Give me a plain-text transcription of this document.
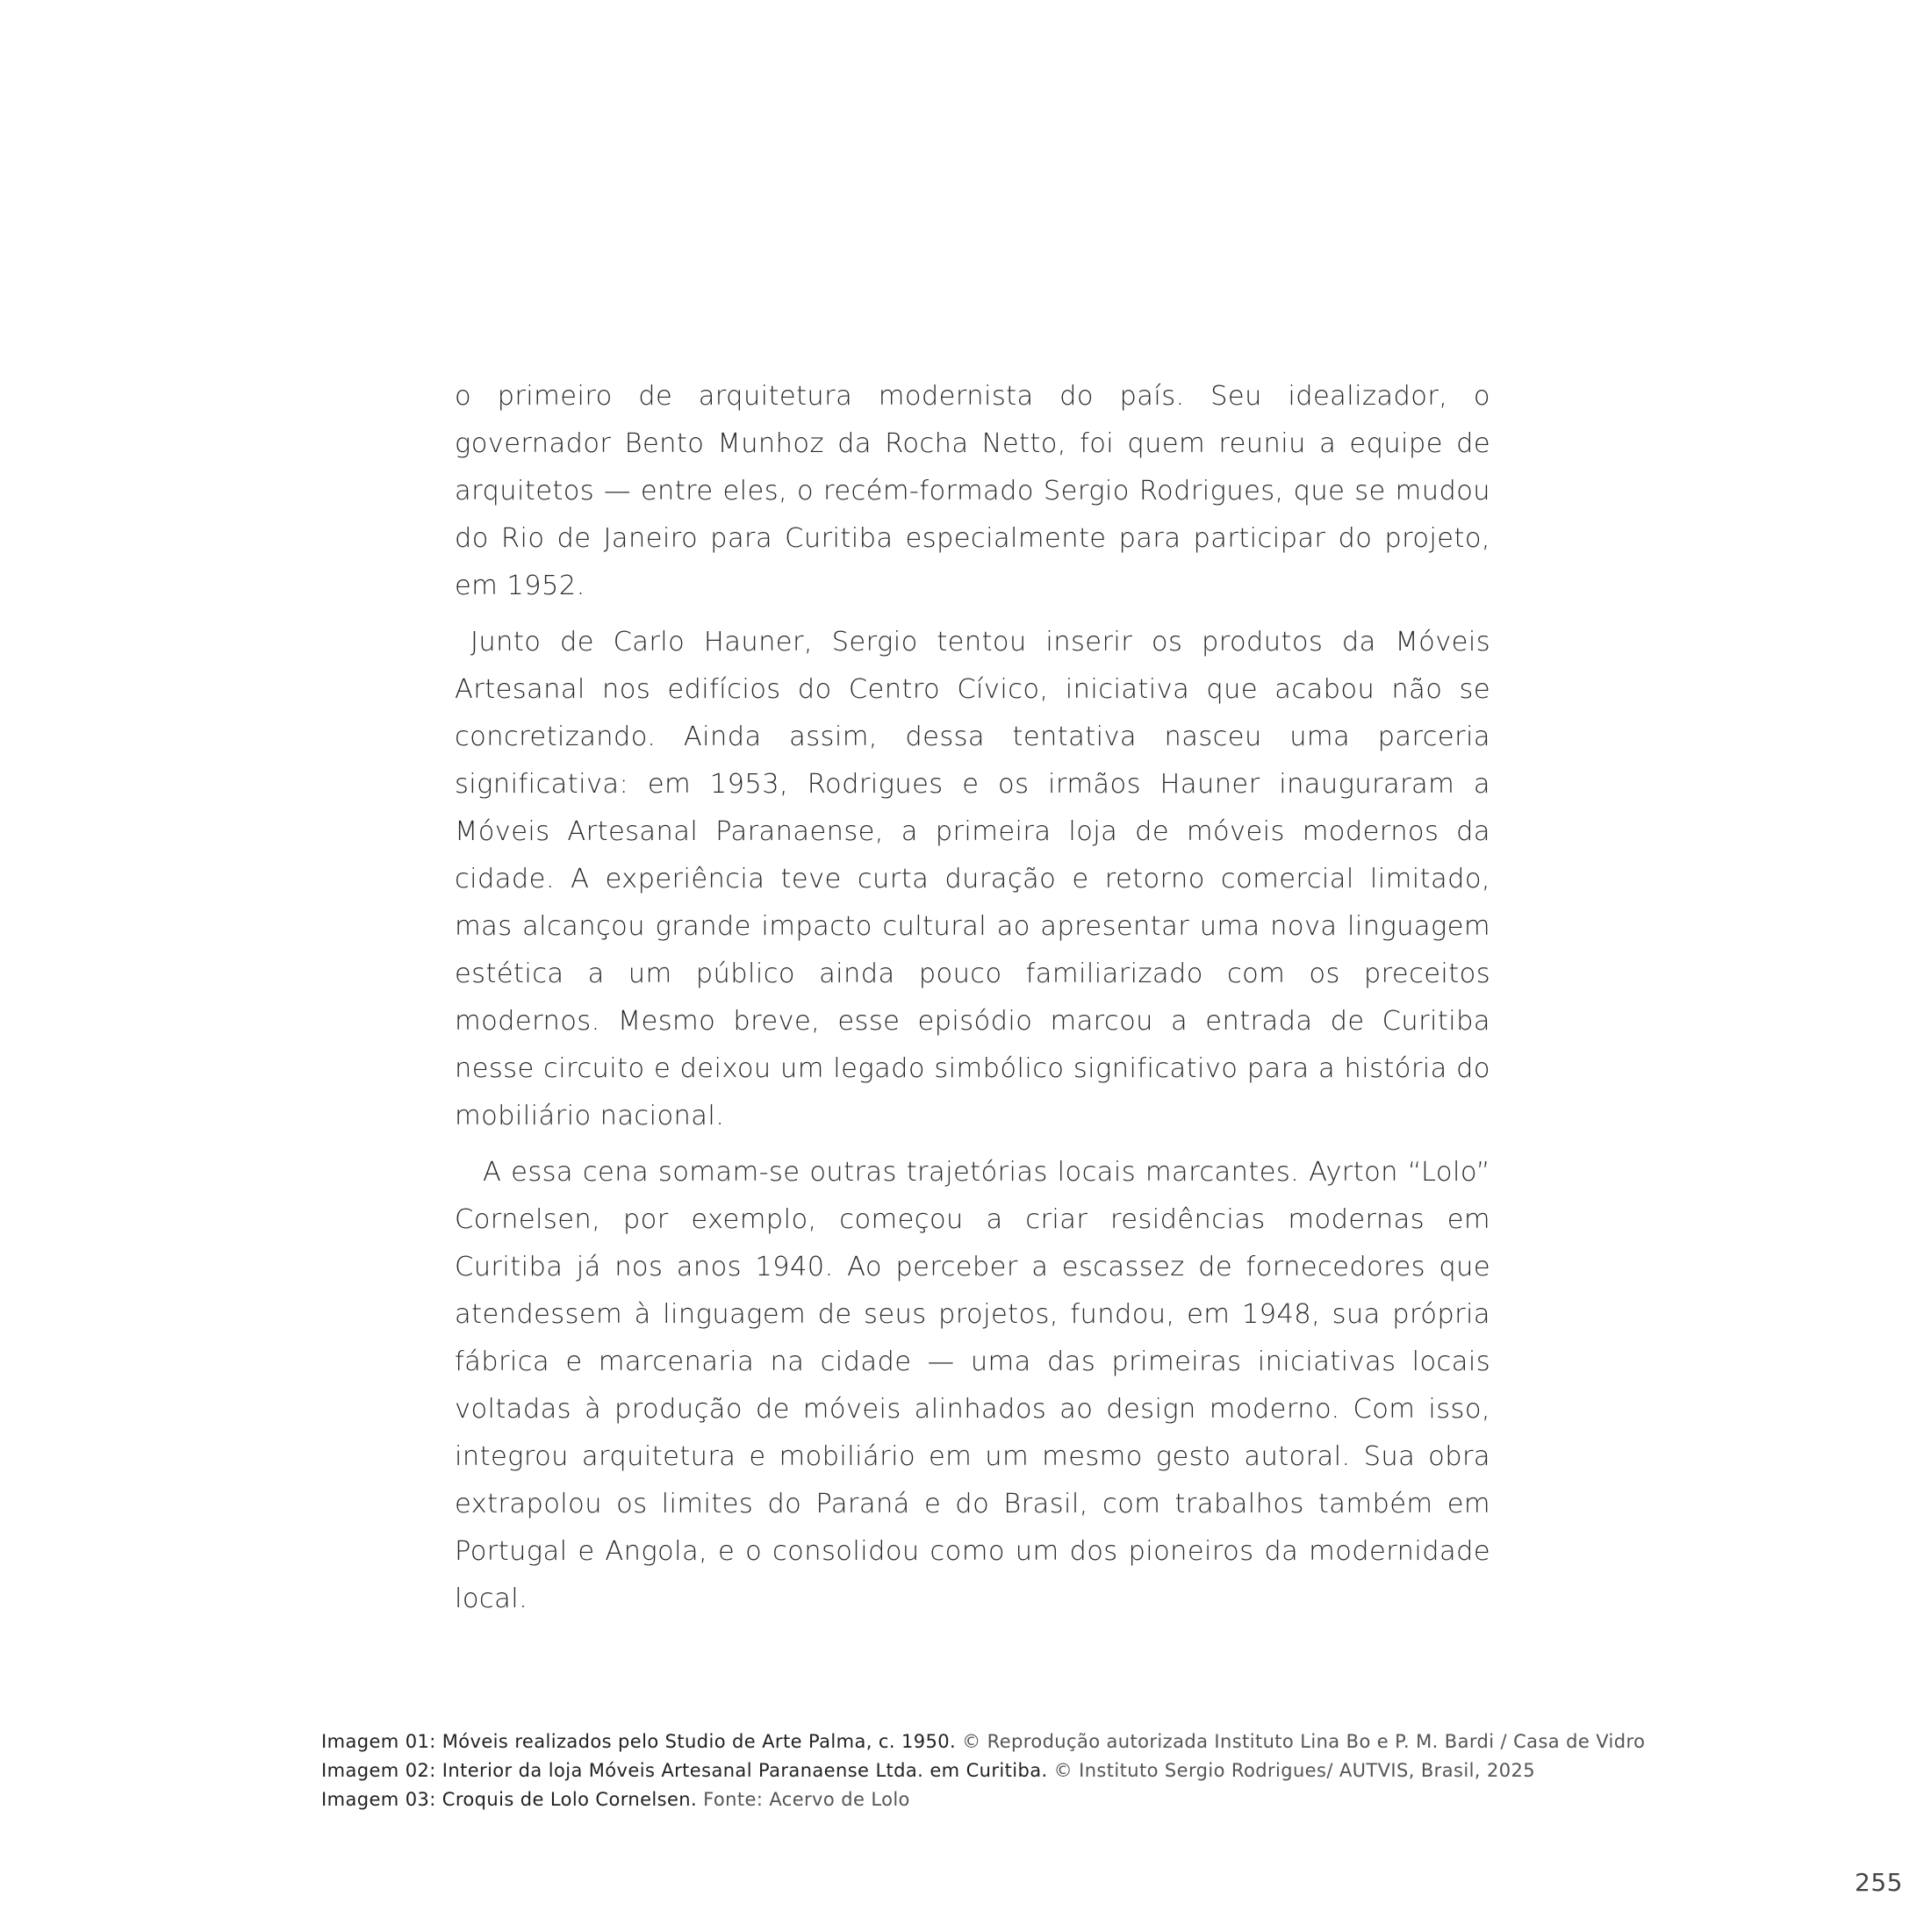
o primeiro de arquitetura modernista do país. Seu idealizador, o governador Bento Munhoz da Rocha Netto, foi quem reuniu a equipe de arquitetos — entre eles, o recém-formado Sergio Rodrigues, que se mudou do Rio de Janeiro para Curitiba especialmente para participar do projeto, em 1952.

Junto de Carlo Hauner, Sergio tentou inserir os produtos da Móveis Artesanal nos edifícios do Centro Cívico, iniciativa que acabou não se concretizando. Ainda assim, dessa tentativa nasceu uma parceria significativa: em 1953, Rodrigues e os irmãos Hauner inauguraram a Móveis Artesanal Paranaense, a primeira loja de móveis modernos da cidade. A experiência teve curta duração e retorno comercial limitado, mas alcançou grande impacto cultural ao apresentar uma nova linguagem estética a um público ainda pouco familiarizado com os preceitos modernos. Mesmo breve, esse episódio marcou a entrada de Curitiba nesse circuito e deixou um legado simbólico significativo para a história do mobiliário nacional.

A essa cena somam-se outras trajetórias locais marcantes. Ayrton “Lolo” Cornelsen, por exemplo, começou a criar residências modernas em Curitiba já nos anos 1940. Ao perceber a escassez de fornecedores que atendessem à linguagem de seus projetos, fundou, em 1948, sua própria fábrica e marcenaria na cidade — uma das primeiras iniciativas locais voltadas à produção de móveis alinhados ao design moderno. Com isso, integrou arquitetura e mobiliário em um mesmo gesto autoral. Sua obra extrapolou os limites do Paraná e do Brasil, com trabalhos também em Portugal e Angola, e o consolidou como um dos pioneiros da modernidade local.

Imagem 01: Móveis realizados pelo Studio de Arte Palma, c. 1950. © Reprodução autorizada Instituto Lina Bo e P. M. Bardi / Casa de Vidro
Imagem 02: Interior da loja Móveis Artesanal Paranaense Ltda. em Curitiba. © Instituto Sergio Rodrigues/ AUTVIS, Brasil, 2025
Imagem 03: Croquis de Lolo Cornelsen. Fonte: Acervo de Lolo
255
